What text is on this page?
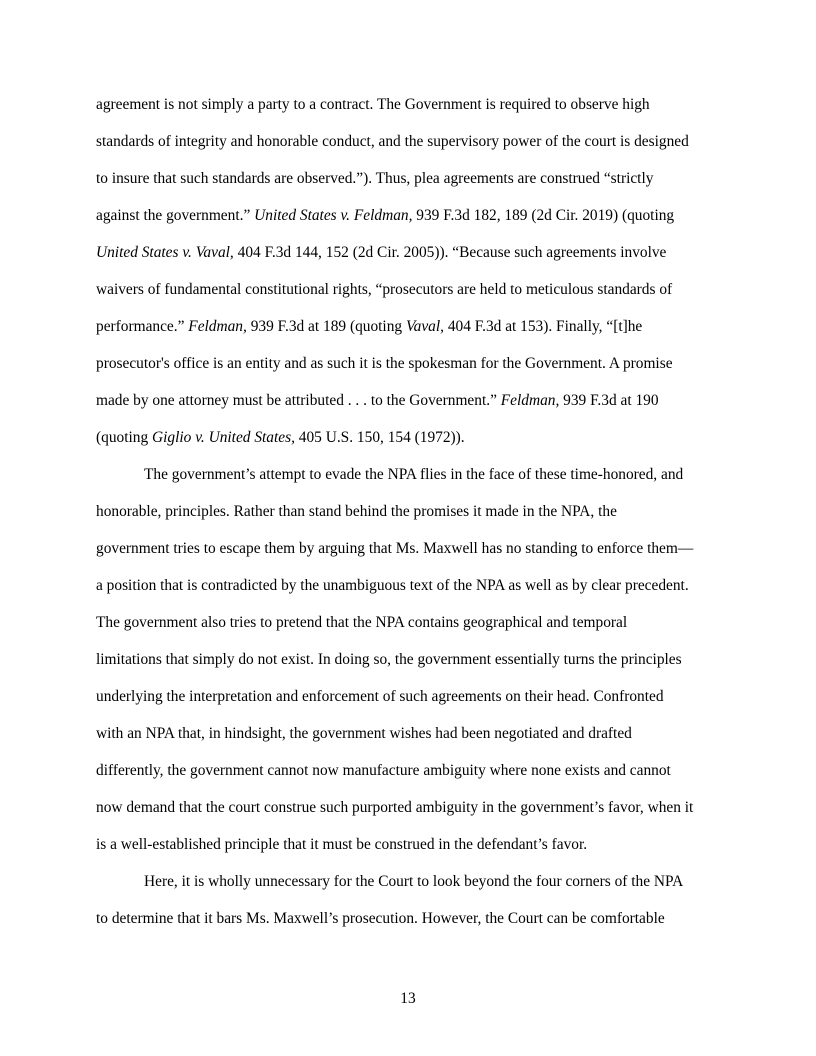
agreement is not simply a party to a contract. The Government is required to observe high
standards of integrity and honorable conduct, and the supervisory power of the court is designed
to insure that such standards are observed.”). Thus, plea agreements are construed “strictly
against the government.” United States v. Feldman, 939 F.3d 182, 189 (2d Cir. 2019) (quoting
United States v. Vaval, 404 F.3d 144, 152 (2d Cir. 2005)). “Because such agreements involve
waivers of fundamental constitutional rights, “prosecutors are held to meticulous standards of
performance.” Feldman, 939 F.3d at 189 (quoting Vaval, 404 F.3d at 153). Finally, “[t]he
prosecutor's office is an entity and as such it is the spokesman for the Government. A promise
made by one attorney must be attributed . . . to the Government.” Feldman, 939 F.3d at 190
(quoting Giglio v. United States, 405 U.S. 150, 154 (1972)).
The government’s attempt to evade the NPA flies in the face of these time-honored, and
honorable, principles. Rather than stand behind the promises it made in the NPA, the
government tries to escape them by arguing that Ms. Maxwell has no standing to enforce them—
a position that is contradicted by the unambiguous text of the NPA as well as by clear precedent.
The government also tries to pretend that the NPA contains geographical and temporal
limitations that simply do not exist. In doing so, the government essentially turns the principles
underlying the interpretation and enforcement of such agreements on their head. Confronted
with an NPA that, in hindsight, the government wishes had been negotiated and drafted
differently, the government cannot now manufacture ambiguity where none exists and cannot
now demand that the court construe such purported ambiguity in the government’s favor, when it
is a well-established principle that it must be construed in the defendant’s favor.
Here, it is wholly unnecessary for the Court to look beyond the four corners of the NPA
to determine that it bars Ms. Maxwell’s prosecution. However, the Court can be comfortable
13
